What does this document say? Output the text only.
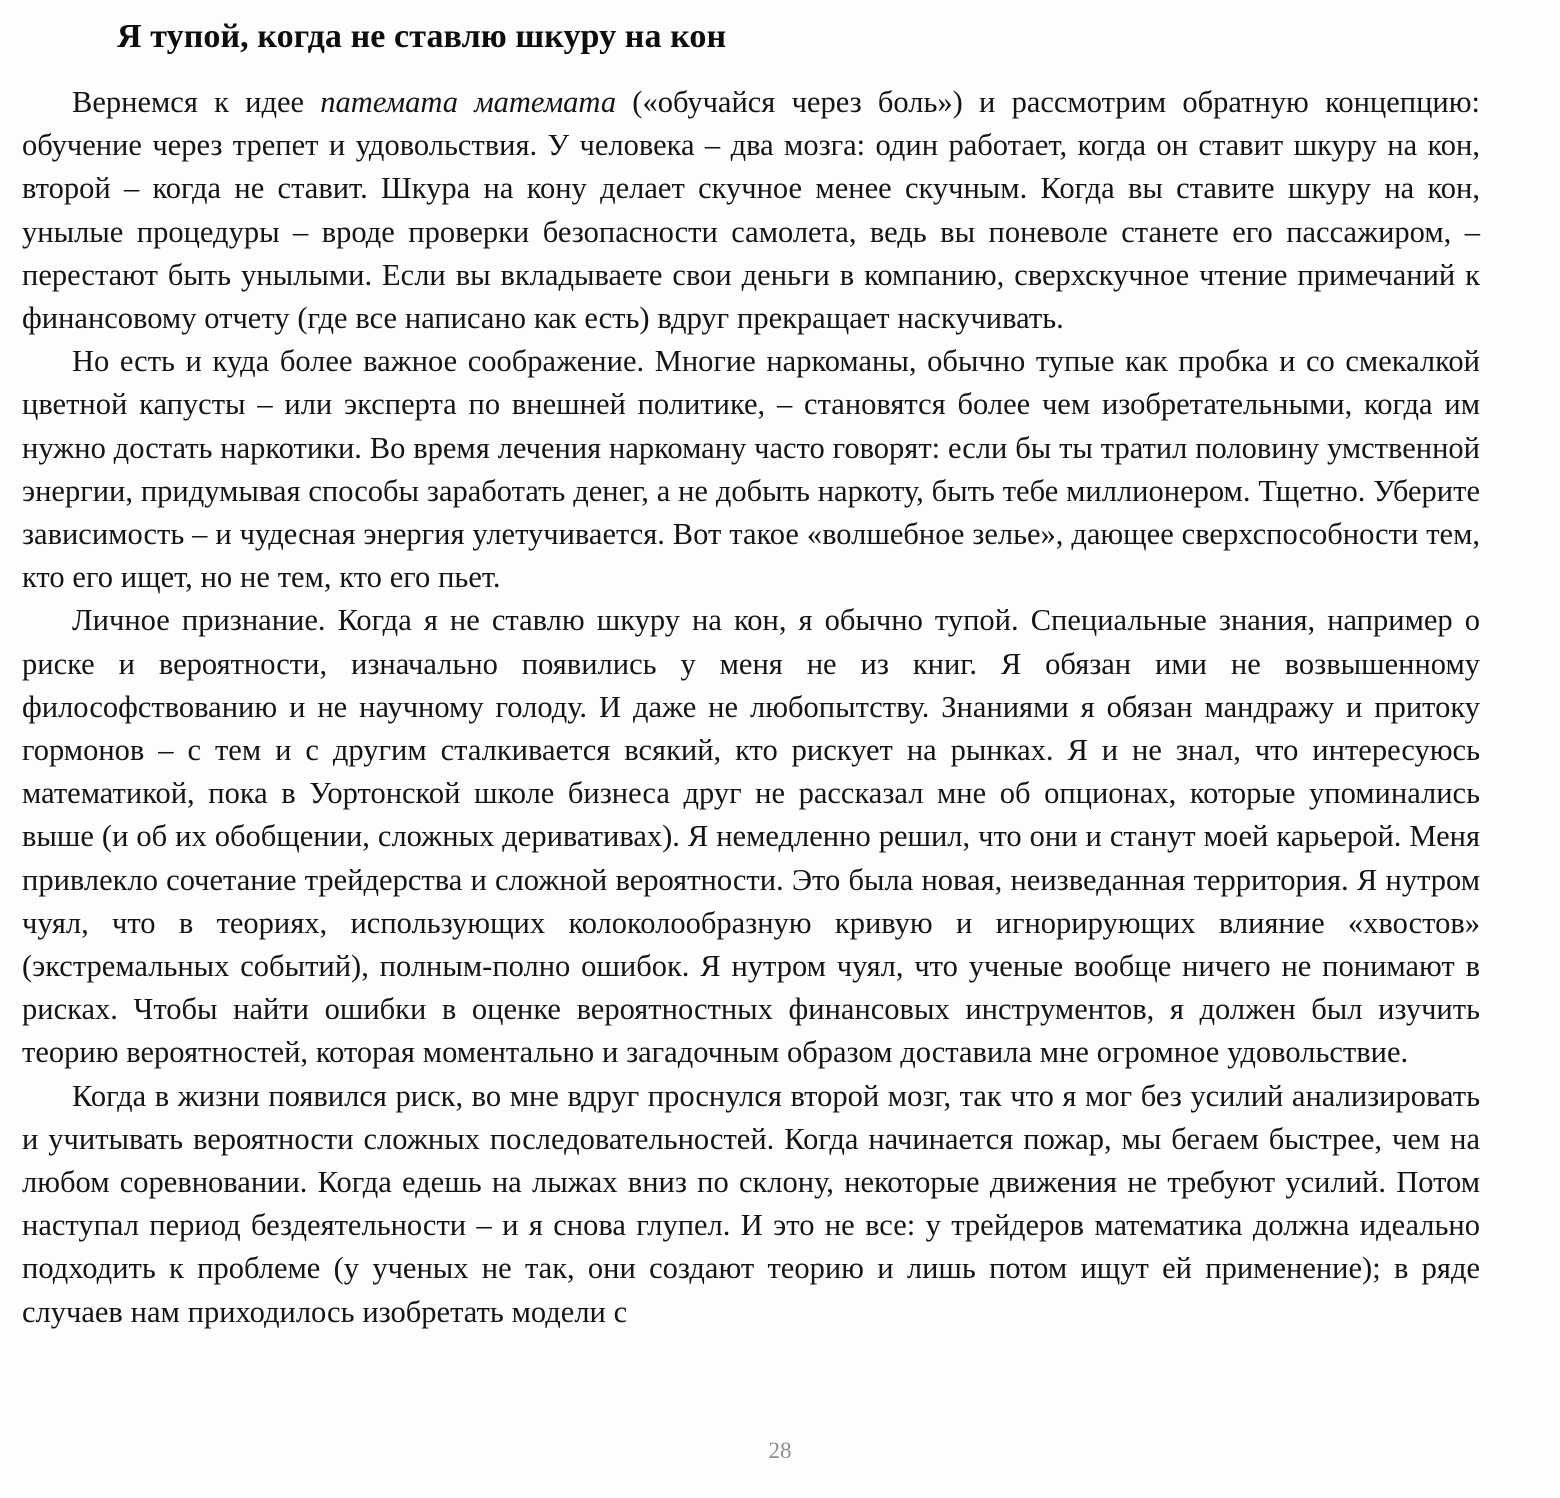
Я тупой, когда не ставлю шкуру на кон

Вернемся к идее патемата математа («обучайся через боль») и рассмотрим обратную концепцию: обучение через трепет и удовольствия. У человека – два мозга: один работает, когда он ставит шкуру на кон, второй – когда не ставит. Шкура на кону делает скучное менее скучным. Когда вы ставите шкуру на кон, унылые процедуры – вроде проверки безопасности самолета, ведь вы поневоле станете его пассажиром, – перестают быть унылыми. Если вы вкладываете свои деньги в компанию, сверхскучное чтение примечаний к финансовому отчету (где все написано как есть) вдруг прекращает наскучивать.

Но есть и куда более важное соображение. Многие наркоманы, обычно тупые как пробка и со смекалкой цветной капусты – или эксперта по внешней политике, – становятся более чем изобретательными, когда им нужно достать наркотики. Во время лечения наркоману часто говорят: если бы ты тратил половину умственной энергии, придумывая способы заработать денег, а не добыть наркоту, быть тебе миллионером. Тщетно. Уберите зависимость – и чудесная энергия улетучивается. Вот такое «волшебное зелье», дающее сверхспособности тем, кто его ищет, но не тем, кто его пьет.

Личное признание. Когда я не ставлю шкуру на кон, я обычно тупой. Специальные знания, например о риске и вероятности, изначально появились у меня не из книг. Я обязан ими не возвышенному философствованию и не научному голоду. И даже не любопытству. Знаниями я обязан мандражу и притоку гормонов – с тем и с другим сталкивается всякий, кто рискует на рынках. Я и не знал, что интересуюсь математикой, пока в Уортонской школе бизнеса друг не рассказал мне об опционах, которые упоминались выше (и об их обобщении, сложных деривативах). Я немедленно решил, что они и станут моей карьерой. Меня привлекло сочетание трейдерства и сложной вероятности. Это была новая, неизведанная территория. Я нутром чуял, что в теориях, использующих колоколообразную кривую и игнорирующих влияние «хвостов» (экстремальных событий), полным-полно ошибок. Я нутром чуял, что ученые вообще ничего не понимают в рисках. Чтобы найти ошибки в оценке вероятностных финансовых инструментов, я должен был изучить теорию вероятностей, которая моментально и загадочным образом доставила мне огромное удовольствие.

Когда в жизни появился риск, во мне вдруг проснулся второй мозг, так что я мог без усилий анализировать и учитывать вероятности сложных последовательностей. Когда начинается пожар, мы бегаем быстрее, чем на любом соревновании. Когда едешь на лыжах вниз по склону, некоторые движения не требуют усилий. Потом наступал период бездеятельности – и я снова глупел. И это не все: у трейдеров математика должна идеально подходить к проблеме (у ученых не так, они создают теорию и лишь потом ищут ей применение); в ряде случаев нам приходилось изобретать модели с

28
